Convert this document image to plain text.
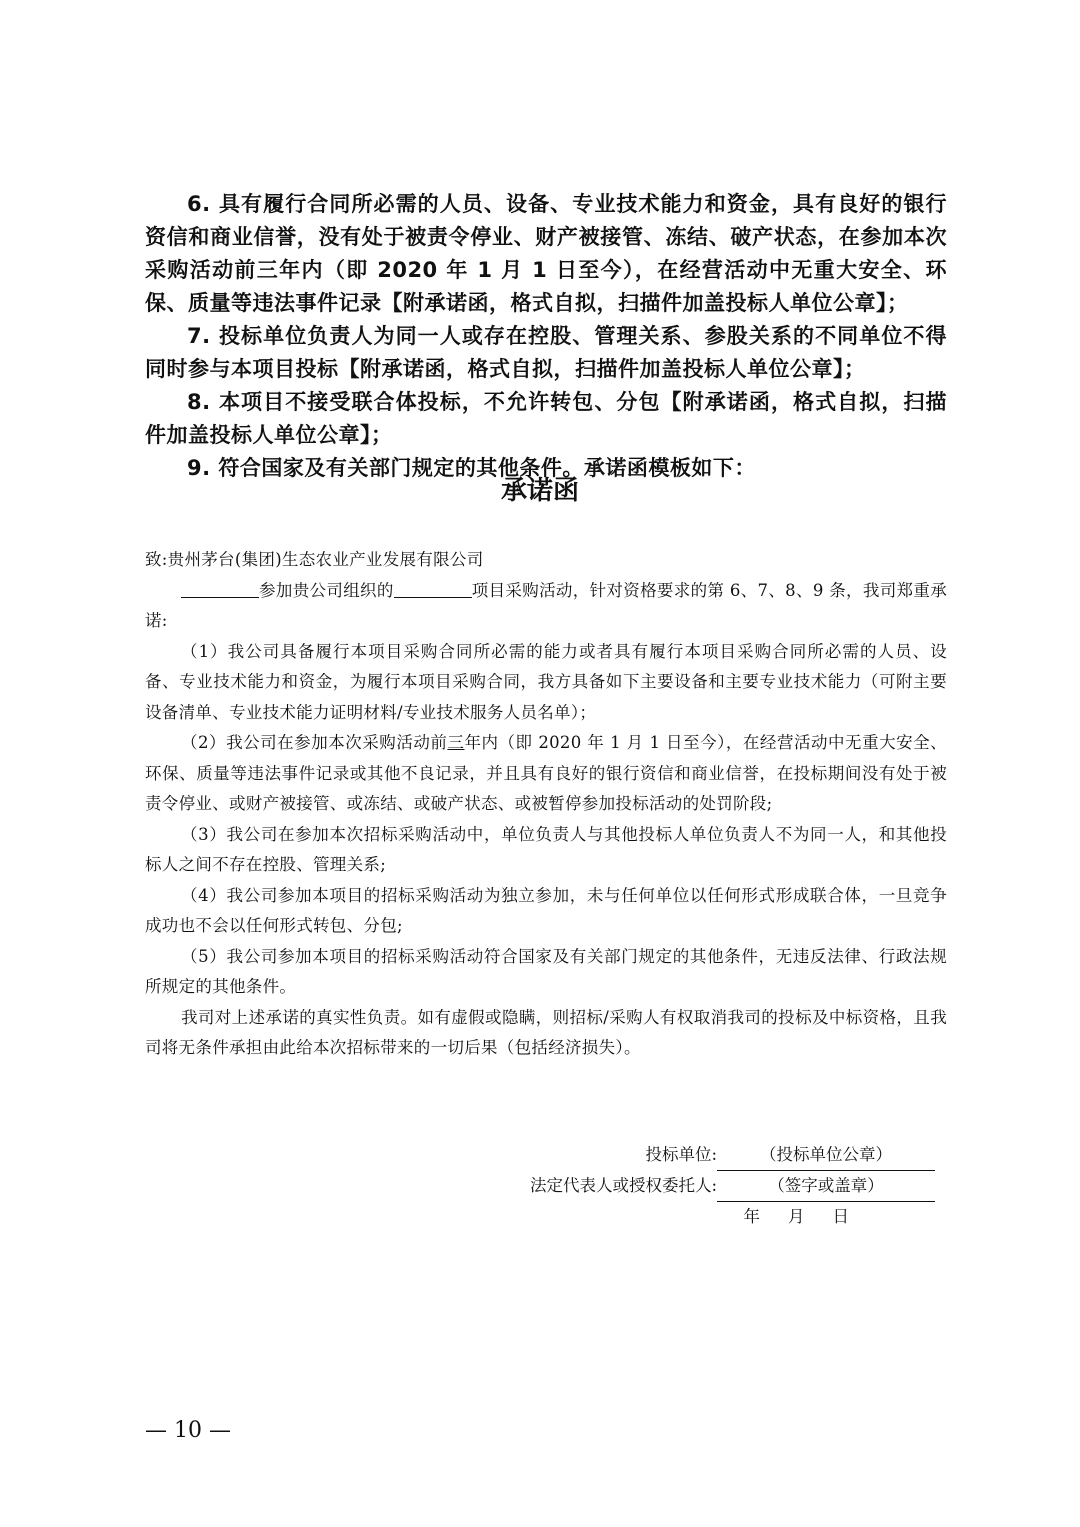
6. 具有履行合同所必需的人员、设备、专业技术能力和资金，具有良好的银行资信和商业信誉，没有处于被责令停业、财产被接管、冻结、破产状态，在参加本次采购活动前三年内（即 2020 年 1 月 1 日至今），在经营活动中无重大安全、环保、质量等违法事件记录【附承诺函，格式自拟，扫描件加盖投标人单位公章】；

7. 投标单位负责人为同一人或存在控股、管理关系、参股关系的不同单位不得同时参与本项目投标【附承诺函，格式自拟，扫描件加盖投标人单位公章】；

8. 本项目不接受联合体投标，不允许转包、分包【附承诺函，格式自拟，扫描件加盖投标人单位公章】；

9. 符合国家及有关部门规定的其他条件。承诺函模板如下：

承诺函

致:贵州茅台(集团)生态农业产业发展有限公司

参加贵公司组织的	项目采购活动，针对资格要求的第 6、7、8、9 条，我司郑重承诺:

（1）我公司具备履行本项目采购合同所必需的能力或者具有履行本项目采购合同所必需的人员、设备、专业技术能力和资金，为履行本项目采购合同，我方具备如下主要设备和主要专业技术能力（可附主要设备清单、专业技术能力证明材料/专业技术服务人员名单）；

（2）我公司在参加本次采购活动前三年内（即 2020 年 1 月 1 日至今），在经营活动中无重大安全、环保、质量等违法事件记录或其他不良记录，并且具有良好的银行资信和商业信誉，在投标期间没有处于被责令停业、或财产被接管、或冻结、或破产状态、或被暂停参加投标活动的处罚阶段;

（3）我公司在参加本次招标采购活动中，单位负责人与其他投标人单位负责人不为同一人，和其他投标人之间不存在控股、管理关系;

（4）我公司参加本项目的招标采购活动为独立参加，未与任何单位以任何形式形成联合体，一旦竞争成功也不会以任何形式转包、分包;

（5）我公司参加本项目的招标采购活动符合国家及有关部门规定的其他条件，无违反法律、行政法规所规定的其他条件。

我司对上述承诺的真实性负责。如有虚假或隐瞒，则招标/采购人有权取消我司的投标及中标资格，且我司将无条件承担由此给本次招标带来的一切后果（包括经济损失）。

投标单位:	（投标单位公章）
法定代表人或授权委托人:	（签字或盖章）
年 月 日
— 10 —
